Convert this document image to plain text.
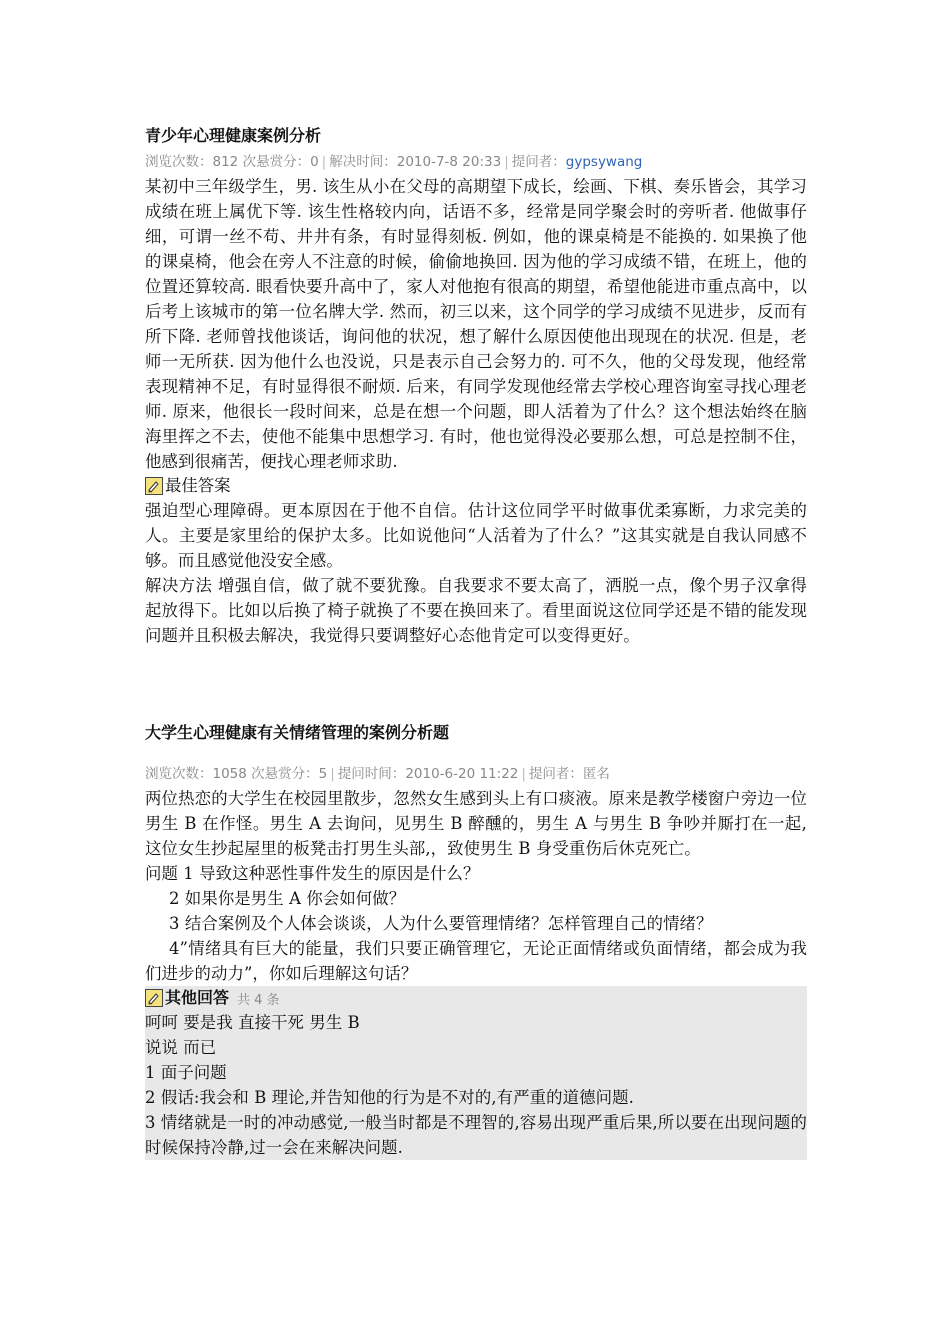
青少年心理健康案例分析
浏览次数：812 次悬赏分：0 | 解决时间：2010-7-8 20:33 | 提问者：gypsywang

某初中三年级学生，男. 该生从小在父母的高期望下成长，绘画、下棋、奏乐皆会，其学习成绩在班上属优下等. 该生性格较内向，话语不多，经常是同学聚会时的旁听者. 他做事仔细，可谓一丝不苟、井井有条，有时显得刻板. 例如，他的课桌椅是不能换的. 如果换了他的课桌椅，他会在旁人不注意的时候，偷偷地换回. 因为他的学习成绩不错，在班上，他的位置还算较高. 眼看快要升高中了，家人对他抱有很高的期望，希望他能进市重点高中，以后考上该城市的第一位名牌大学. 然而，初三以来，这个同学的学习成绩不见进步，反而有所下降. 老师曾找他谈话，询问他的状况，想了解什么原因使他出现现在的状况. 但是，老师一无所获. 因为他什么也没说，只是表示自己会努力的. 可不久，他的父母发现，他经常表现精神不足，有时显得很不耐烦. 后来，有同学发现他经常去学校心理咨询室寻找心理老师. 原来，他很长一段时间来，总是在想一个问题，即人活着为了什么？这个想法始终在脑海里挥之不去，使他不能集中思想学习. 有时，他也觉得没必要那么想，可总是控制不住，他感到很痛苦，便找心理老师求助.

最佳答案

强迫型心理障碍。更本原因在于他不自信。估计这位同学平时做事优柔寡断，力求完美的人。主要是家里给的保护太多。比如说他问“人活着为了什么？”这其实就是自我认同感不够。而且感觉他没安全感。

解决方法 增强自信，做了就不要犹豫。自我要求不要太高了，洒脱一点，像个男子汉拿得起放得下。比如以后换了椅子就换了不要在换回来了。看里面说这位同学还是不错的能发现问题并且积极去解决，我觉得只要调整好心态他肯定可以变得更好。

大学生心理健康有关情绪管理的案例分析题
浏览次数：1058 次悬赏分：5 | 提问时间：2010-6-20 11:22 | 提问者：匿名

两位热恋的大学生在校园里散步，忽然女生感到头上有口痰液。原来是教学楼窗户旁边一位男生 B 在作怪。男生 A 去询问，见男生 B 醉醺的，男生 A 与男生 B 争吵并厮打在一起,这位女生抄起屋里的板凳击打男生头部,，致使男生 B 身受重伤后休克死亡。

问题 1 导致这种恶性事件发生的原因是什么？

2 如果你是男生 A 你会如何做？

3 结合案例及个人体会谈谈，人为什么要管理情绪？怎样管理自己的情绪？

4”情绪具有巨大的能量，我们只要正确管理它，无论正面情绪或负面情绪，都会成为我们进步的动力”，你如后理解这句话？

其他回答 共 4 条

呵呵 要是我 直接干死 男生 B

说说 而已

1 面子问题

2 假话:我会和 B 理论,并告知他的行为是不对的,有严重的道德问题.

3 情绪就是一时的冲动感觉,一般当时都是不理智的,容易出现严重后果,所以要在出现问题的时候保持冷静,过一会在来解决问题.
